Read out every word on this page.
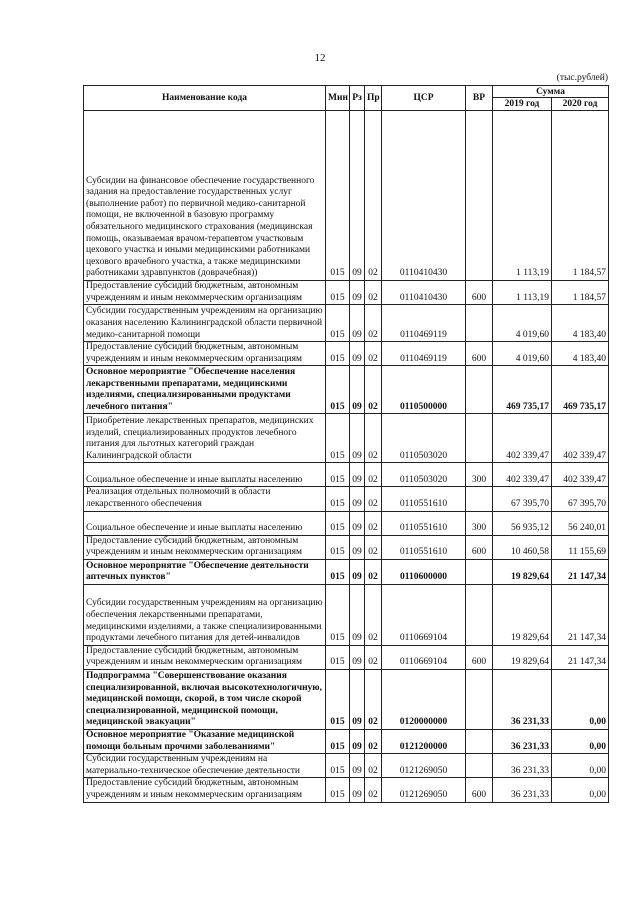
12
(тыс.рублей)
Наименование кода	Мин	Рз	Пр	ЦСР	ВР	Сумма	
						2019 год	2020 год
Субсидии на финансовое обеспечение государственного задания на предоставление государственных услуг (выполнение работ) по первичной медико-санитарной помощи, не включенной в базовую программу обязательного медицинского страхования (медицинская помощь, оказываемая врачом-терапевтом участковым цехового участка и иными медицинскими работниками цехового врачебного участка, а также медицинскими работниками здравпунктов (доврачебная))	015	09	02	0110410430		1 113,19	1 184,57
Предоставление субсидий бюджетным, автономным учреждениям и иным некоммерческим организациям	015	09	02	0110410430	600	1 113,19	1 184,57
Субсидии государственным учреждениям на организацию оказания населению Калининградской области первичной медико-санитарной помощи	015	09	02	0110469119		4 019,60	4 183,40
Предоставление субсидий бюджетным, автономным учреждениям и иным некоммерческим организациям	015	09	02	0110469119	600	4 019,60	4 183,40
Основное мероприятие "Обеспечение населения лекарственными препаратами, медицинскими изделиями, специализированными продуктами лечебного питания"	015	09	02	0110500000		469 735,17	469 735,17
Приобретение лекарственных препаратов, медицинских изделий, специализированных продуктов лечебного питания для льготных категорий граждан Калининградской области	015	09	02	0110503020		402 339,47	402 339,47
Социальное обеспечение и иные выплаты населению	015	09	02	0110503020	300	402 339,47	402 339,47
Реализация отдельных полномочий в области лекарственного обеспечения	015	09	02	0110551610		67 395,70	67 395,70
Социальное обеспечение и иные выплаты населению	015	09	02	0110551610	300	56 935,12	56 240,01
Предоставление субсидий бюджетным, автономным учреждениям и иным некоммерческим организациям	015	09	02	0110551610	600	10 460,58	11 155,69
Основное мероприятие "Обеспечение деятельности аптечных пунктов"	015	09	02	0110600000		19 829,64	21 147,34
Субсидии государственным учреждениям на организацию обеспечения лекарственными препаратами, медицинскими изделиями, а также специализированными продуктами лечебного питания для детей-инвалидов	015	09	02	0110669104		19 829,64	21 147,34
Предоставление субсидий бюджетным, автономным учреждениям и иным некоммерческим организациям	015	09	02	0110669104	600	19 829,64	21 147,34
Подпрограмма "Совершенствование оказания специализированной, включая высокотехнологичную, медицинской помощи, скорой, в том числе скорой специализированной, медицинской помощи, медицинской эвакуации"	015	09	02	0120000000		36 231,33	0,00
Основное мероприятие "Оказание медицинской помощи больным прочими заболеваниями"	015	09	02	0121200000		36 231,33	0,00
Субсидии государственным учреждениям на материально-техническое обеспечение деятельности	015	09	02	0121269050		36 231,33	0,00
Предоставление субсидий бюджетным, автономным учреждениям и иным некоммерческим организациям	015	09	02	0121269050	600	36 231,33	0,00
